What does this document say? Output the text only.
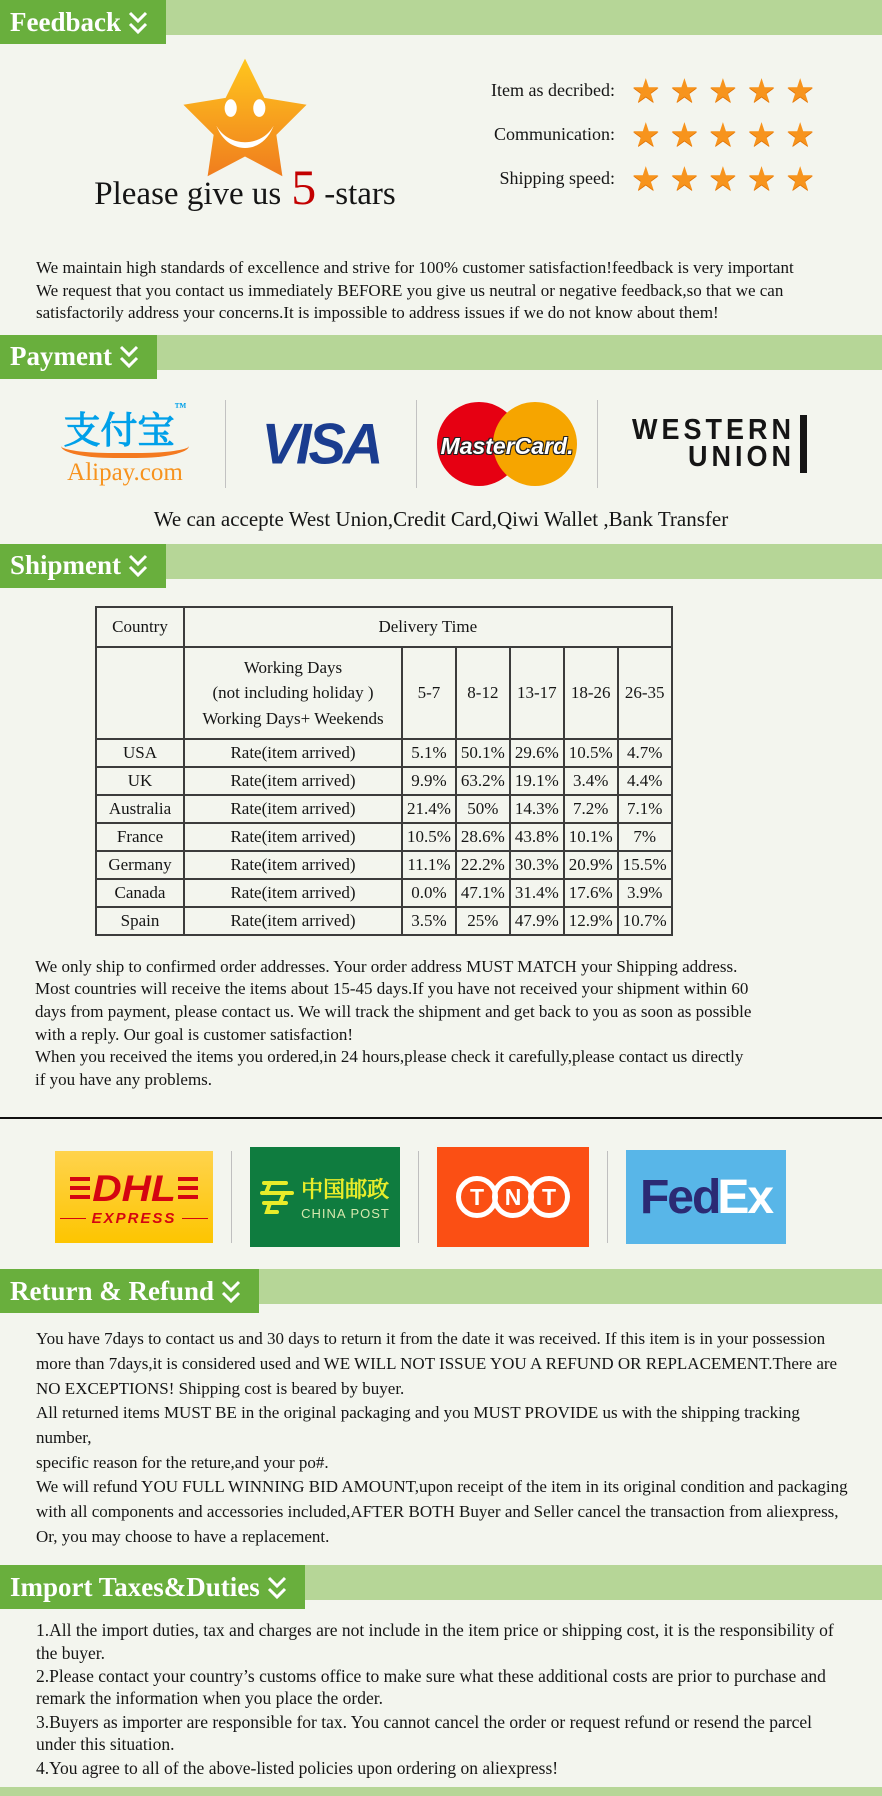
Feedback
Please give us 5 -stars
Item as decribed: ★★★★★
Communication: ★★★★★
Shipping speed: ★★★★★
We maintain high standards of excellence and strive for 100% customer satisfaction!feedback is very important
We request that you contact us immediately BEFORE you give us neutral or negative feedback,so that we can
satisfactorily address your concerns.It is impossible to address issues if we do not know about them!
Payment
支付宝™
Alipay.com	VISA	MasterCard.
WESTERN
UNION
We can accepte West Union,Credit Card,Qiwi Wallet ,Bank Transfer
Shipment
Country	Delivery Time					

	Working Days
(not including holiday )
Working Days+ Weekends	5-7	8-12	13-17	18-26	26-35
USA	Rate(item arrived)	5.1%	50.1%	29.6%	10.5%	4.7%
UK	Rate(item arrived)	9.9%	63.2%	19.1%	3.4%	4.4%
Australia	Rate(item arrived)	21.4%	50%	14.3%	7.2%	7.1%
France	Rate(item arrived)	10.5%	28.6%	43.8%	10.1%	7%
Germany	Rate(item arrived)	11.1%	22.2%	30.3%	20.9%	15.5%
Canada	Rate(item arrived)	0.0%	47.1%	31.4%	17.6%	3.9%
Spain	Rate(item arrived)	3.5%	25%	47.9%	12.9%	10.7%
We only ship to confirmed order addresses. Your order address MUST MATCH your Shipping address.
Most countries will receive the items about 15-45 days.If you have not received your shipment within 60
days from payment, please contact us. We will track the shipment and get back to you as soon as possible
with a reply. Our goal is customer satisfaction!
When you received the items you ordered,in 24 hours,please check it carefully,please contact us directly
if you have any problems.
DHL
EXPRESS
中国邮政
CHINA POST
T N T Fed
Ex
Return & Refund
You have 7days to contact us and 30 days to return it from the date it was received. If this item is in your possession
more than 7days,it is considered used and WE WILL NOT ISSUE YOU A REFUND OR REPLACEMENT.There are
NO EXCEPTIONS! Shipping cost is beared by buyer.
All returned items MUST BE in the original packaging and you MUST PROVIDE us with the shipping tracking number,
specific reason for the reture,and your po#.
We will refund YOU FULL WINNING BID AMOUNT,upon receipt of the item in its original condition and packaging
with all components and accessories included,AFTER BOTH Buyer and Seller cancel the transaction from aliexpress,
Or, you may choose to have a replacement.
Import Taxes&Duties
1.All the import duties, tax and charges are not include in the item price or shipping cost, it is the responsibility of the buyer.
2.Please contact your country’s customs office to make sure what these additional costs are prior to purchase and remark the information when you place the order.
3.Buyers as importer are responsible for tax. You cannot cancel the order or request refund or resend the parcel under this situation.
4.You agree to all of the above-listed policies upon ordering on aliexpress!
